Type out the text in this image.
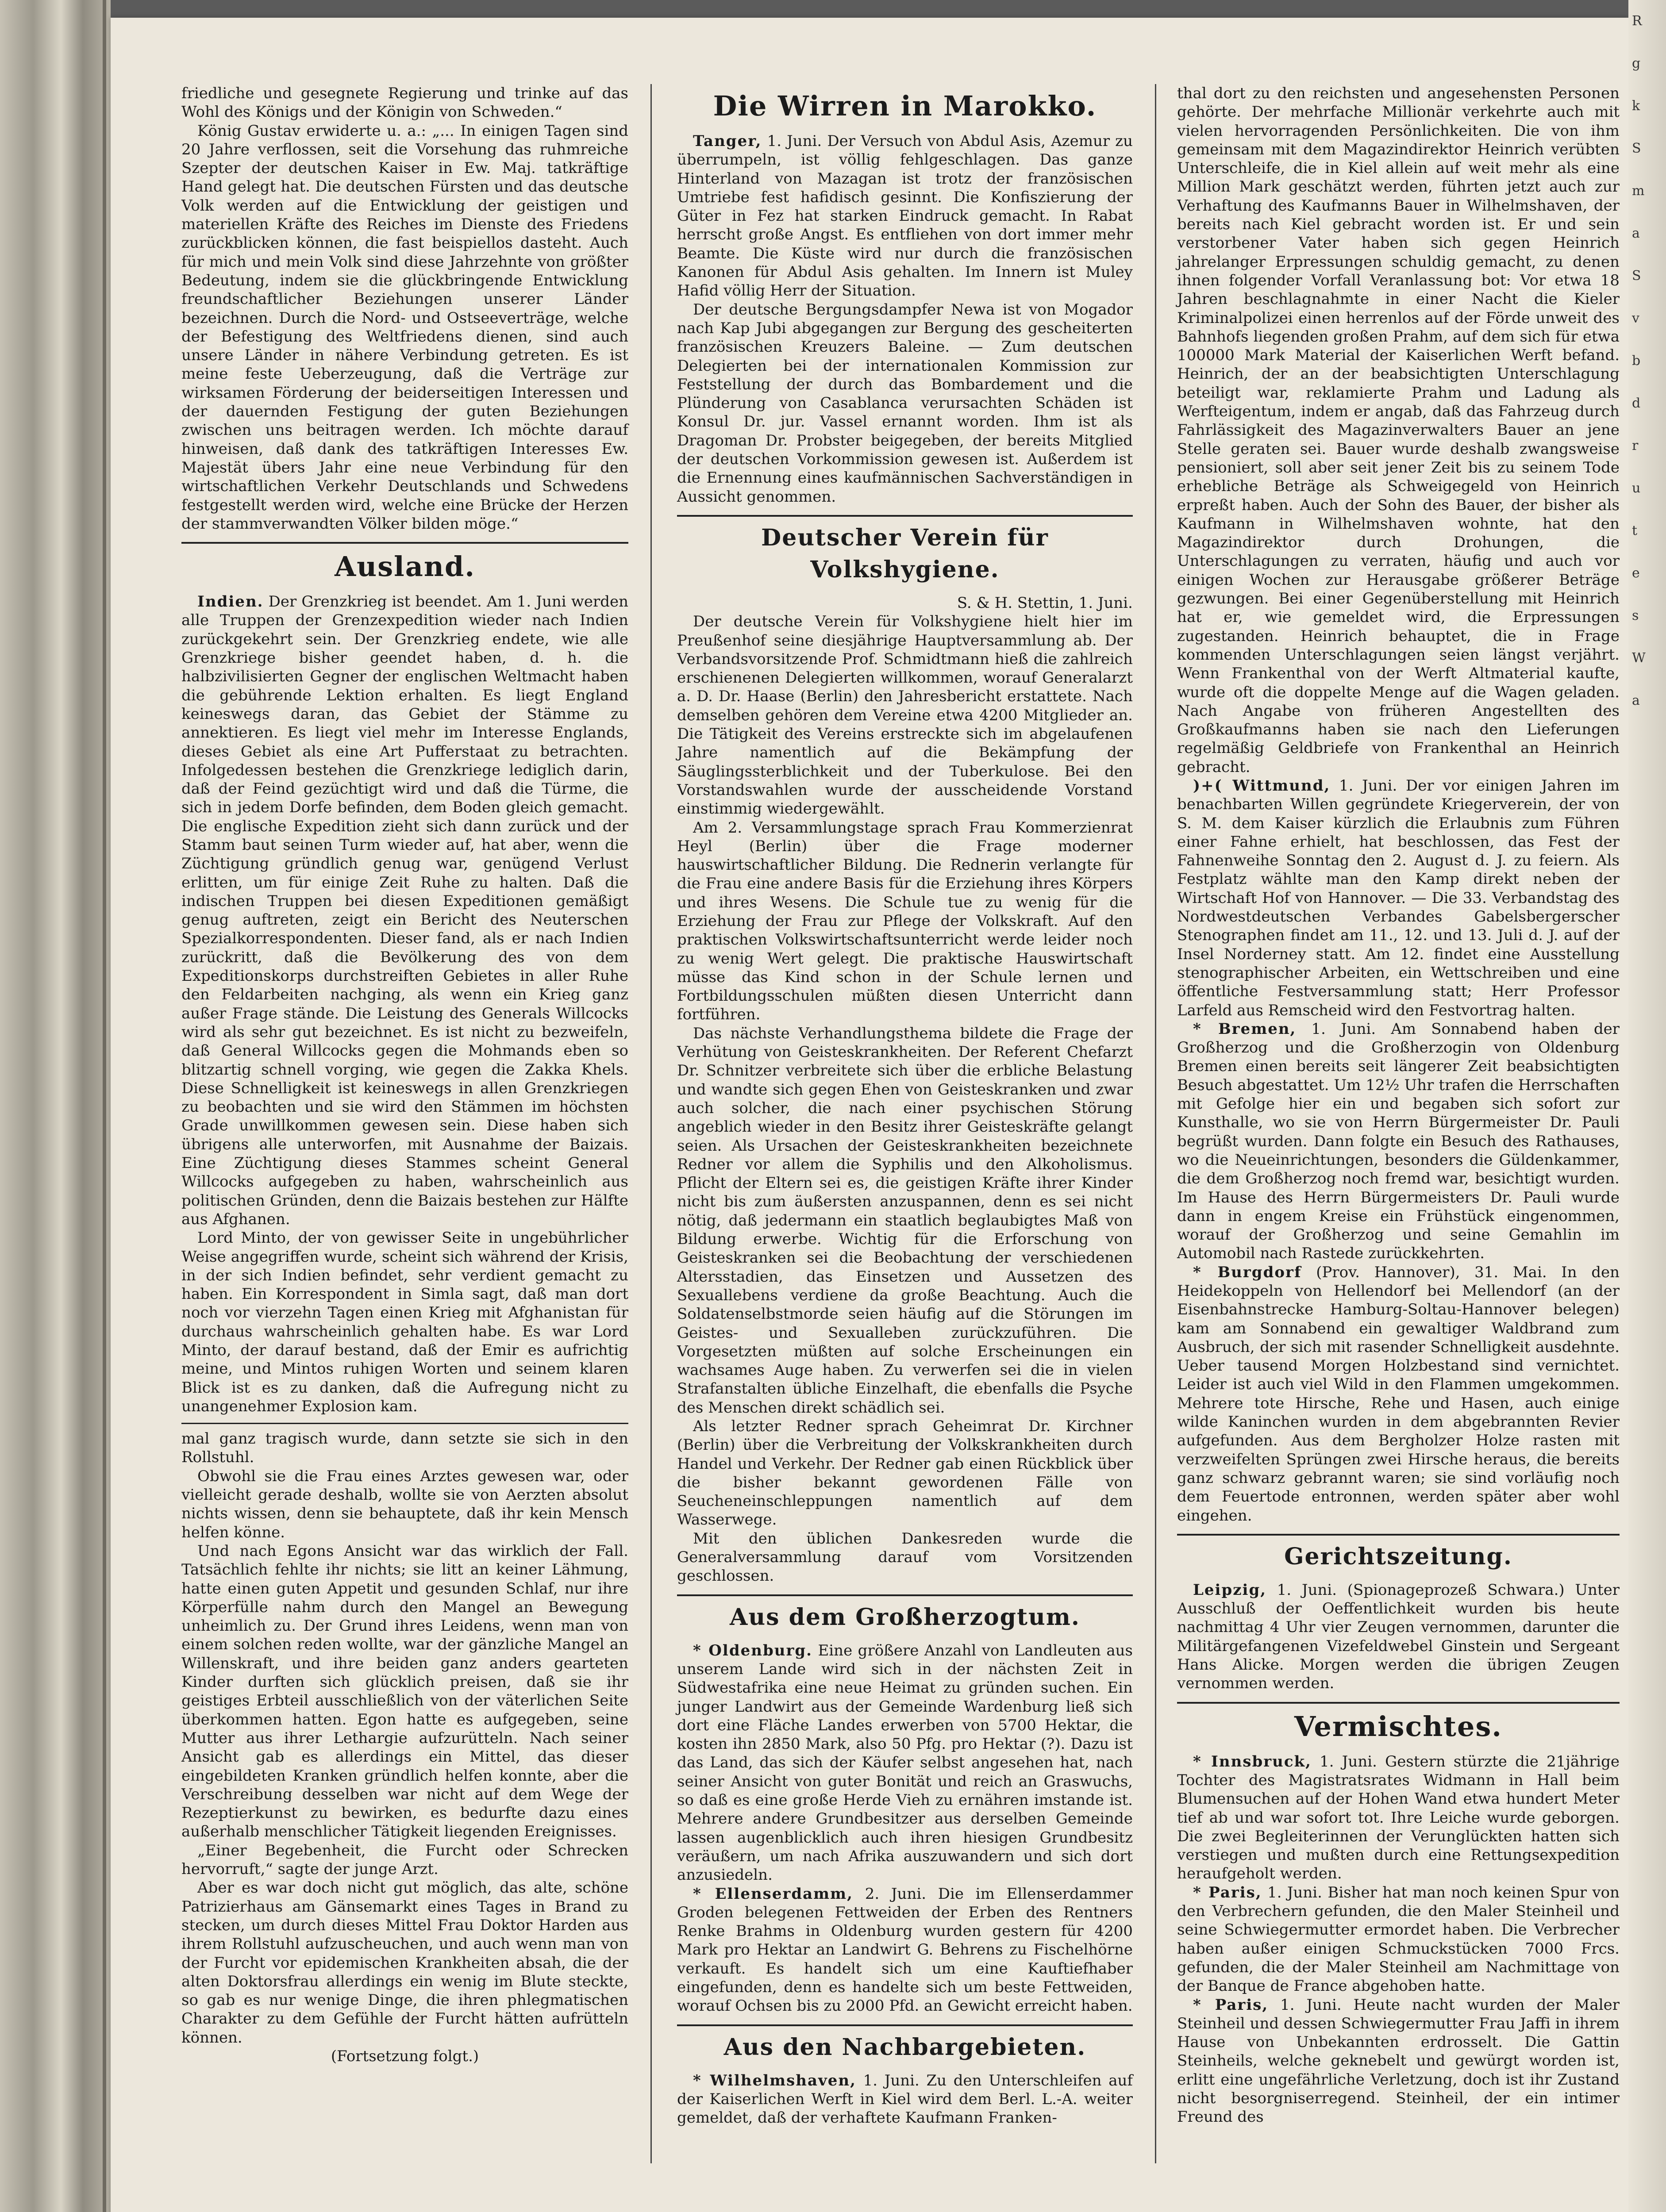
friedliche und gesegnete Regierung und trinke auf das Wohl des Königs und der Königin von Schweden.“

König Gustav erwiderte u. a.: „... In einigen Tagen sind 20 Jahre verflossen, seit die Vorsehung das ruhmreiche Szepter der deutschen Kaiser in Ew. Maj. tatkräftige Hand gelegt hat. Die deutschen Fürsten und das deutsche Volk werden auf die Entwicklung der geistigen und materiellen Kräfte des Reiches im Dienste des Friedens zurückblicken können, die fast beispiellos dasteht. Auch für mich und mein Volk sind diese Jahrzehnte von größter Bedeutung, indem sie die glückbringende Entwicklung freundschaftlicher Beziehungen unserer Länder bezeichnen. Durch die Nord- und Ostseeverträge, welche der Befestigung des Weltfriedens dienen, sind auch unsere Länder in nähere Verbindung getreten. Es ist meine feste Ueberzeugung, daß die Verträge zur wirksamen Förderung der beiderseitigen Interessen und der dauernden Festigung der guten Beziehungen zwischen uns beitragen werden. Ich möchte darauf hinweisen, daß dank des tatkräftigen Interesses Ew. Majestät übers Jahr eine neue Verbindung für den wirtschaftlichen Verkehr Deutschlands und Schwedens festgestellt werden wird, welche eine Brücke der Herzen der stammverwandten Völker bilden möge.“

Ausland.

Indien. Der Grenzkrieg ist beendet. Am 1. Juni werden alle Truppen der Grenzexpedition wieder nach Indien zurückgekehrt sein. Der Grenzkrieg endete, wie alle Grenzkriege bisher geendet haben, d. h. die halbzivilisierten Gegner der englischen Weltmacht haben die gebührende Lektion erhalten. Es liegt England keineswegs daran, das Gebiet der Stämme zu annektieren. Es liegt viel mehr im Interesse Englands, dieses Gebiet als eine Art Pufferstaat zu betrachten. Infolgedessen bestehen die Grenzkriege lediglich darin, daß der Feind gezüchtigt wird und daß die Türme, die sich in jedem Dorfe befinden, dem Boden gleich gemacht. Die englische Expedition zieht sich dann zurück und der Stamm baut seinen Turm wieder auf, hat aber, wenn die Züchtigung gründlich genug war, genügend Verlust erlitten, um für einige Zeit Ruhe zu halten. Daß die indischen Truppen bei diesen Expeditionen gemäßigt genug auftreten, zeigt ein Bericht des Neuterschen Spezialkorrespondenten. Dieser fand, als er nach Indien zurückritt, daß die Bevölkerung des von dem Expeditionskorps durchstreiften Gebietes in aller Ruhe den Feldarbeiten nachging, als wenn ein Krieg ganz außer Frage stände. Die Leistung des Generals Willcocks wird als sehr gut bezeichnet. Es ist nicht zu bezweifeln, daß General Willcocks gegen die Mohmands eben so blitzartig schnell vorging, wie gegen die Zakka Khels. Diese Schnelligkeit ist keineswegs in allen Grenzkriegen zu beobachten und sie wird den Stämmen im höchsten Grade unwillkommen gewesen sein. Diese haben sich übrigens alle unterworfen, mit Ausnahme der Baizais. Eine Züchtigung dieses Stammes scheint General Willcocks aufgegeben zu haben, wahrscheinlich aus politischen Gründen, denn die Baizais bestehen zur Hälfte aus Afghanen.

Lord Minto, der von gewisser Seite in ungebührlicher Weise angegriffen wurde, scheint sich während der Krisis, in der sich Indien befindet, sehr verdient gemacht zu haben. Ein Korrespondent in Simla sagt, daß man dort noch vor vierzehn Tagen einen Krieg mit Afghanistan für durchaus wahrscheinlich gehalten habe. Es war Lord Minto, der darauf bestand, daß der Emir es aufrichtig meine, und Mintos ruhigen Worten und seinem klaren Blick ist es zu danken, daß die Aufregung nicht zu unangenehmer Explosion kam.

mal ganz tragisch wurde, dann setzte sie sich in den Rollstuhl.

Obwohl sie die Frau eines Arztes gewesen war, oder vielleicht gerade deshalb, wollte sie von Aerzten absolut nichts wissen, denn sie behauptete, daß ihr kein Mensch helfen könne.

Und nach Egons Ansicht war das wirklich der Fall. Tatsächlich fehlte ihr nichts; sie litt an keiner Lähmung, hatte einen guten Appetit und gesunden Schlaf, nur ihre Körperfülle nahm durch den Mangel an Bewegung unheimlich zu. Der Grund ihres Leidens, wenn man von einem solchen reden wollte, war der gänzliche Mangel an Willenskraft, und ihre beiden ganz anders gearteten Kinder durften sich glücklich preisen, daß sie ihr geistiges Erbteil ausschließlich von der väterlichen Seite überkommen hatten. Egon hatte es aufgegeben, seine Mutter aus ihrer Lethargie aufzurütteln. Nach seiner Ansicht gab es allerdings ein Mittel, das dieser eingebildeten Kranken gründlich helfen konnte, aber die Verschreibung desselben war nicht auf dem Wege der Rezeptierkunst zu bewirken, es bedurfte dazu eines außerhalb menschlicher Tätigkeit liegenden Ereignisses.

„Einer Begebenheit, die Furcht oder Schrecken hervorruft,“ sagte der junge Arzt.

Aber es war doch nicht gut möglich, das alte, schöne Patrizierhaus am Gänsemarkt eines Tages in Brand zu stecken, um durch dieses Mittel Frau Doktor Harden aus ihrem Rollstuhl aufzuscheuchen, und auch wenn man von der Furcht vor epidemischen Krankheiten absah, die der alten Doktorsfrau allerdings ein wenig im Blute steckte, so gab es nur wenige Dinge, die ihren phlegmatischen Charakter zu dem Gefühle der Furcht hätten aufrütteln können.

(Fortsetzung folgt.)

Die Wirren in Marokko.

Tanger, 1. Juni. Der Versuch von Abdul Asis, Azemur zu überrumpeln, ist völlig fehlgeschlagen. Das ganze Hinterland von Mazagan ist trotz der französischen Umtriebe fest hafidisch gesinnt. Die Konfiszierung der Güter in Fez hat starken Eindruck gemacht. In Rabat herrscht große Angst. Es entfliehen von dort immer mehr Beamte. Die Küste wird nur durch die französischen Kanonen für Abdul Asis gehalten. Im Innern ist Muley Hafid völlig Herr der Situation.

Der deutsche Bergungsdampfer Newa ist von Mogador nach Kap Jubi abgegangen zur Bergung des gescheiterten französischen Kreuzers Baleine. — Zum deutschen Delegierten bei der internationalen Kommission zur Feststellung der durch das Bombardement und die Plünderung von Casablanca verursachten Schäden ist Konsul Dr. jur. Vassel ernannt worden. Ihm ist als Dragoman Dr. Probster beigegeben, der bereits Mitglied der deutschen Vorkommission gewesen ist. Außerdem ist die Ernennung eines kaufmännischen Sachverständigen in Aussicht genommen.

Deutscher Verein für Volkshygiene.

S. & H. Stettin, 1. Juni.

Der deutsche Verein für Volkshygiene hielt hier im Preußenhof seine diesjährige Hauptversammlung ab. Der Verbandsvorsitzende Prof. Schmidtmann hieß die zahlreich erschienenen Delegierten willkommen, worauf Generalarzt a. D. Dr. Haase (Berlin) den Jahresbericht erstattete. Nach demselben gehören dem Vereine etwa 4200 Mitglieder an. Die Tätigkeit des Vereins erstreckte sich im abgelaufenen Jahre namentlich auf die Bekämpfung der Säuglingssterblichkeit und der Tuberkulose. Bei den Vorstandswahlen wurde der ausscheidende Vorstand einstimmig wiedergewählt.

Am 2. Versammlungstage sprach Frau Kommerzienrat Heyl (Berlin) über die Frage moderner hauswirtschaftlicher Bildung. Die Rednerin verlangte für die Frau eine andere Basis für die Erziehung ihres Körpers und ihres Wesens. Die Schule tue zu wenig für die Erziehung der Frau zur Pflege der Volkskraft. Auf den praktischen Volkswirtschaftsunterricht werde leider noch zu wenig Wert gelegt. Die praktische Hauswirtschaft müsse das Kind schon in der Schule lernen und Fortbildungsschulen müßten diesen Unterricht dann fortführen.

Das nächste Verhandlungsthema bildete die Frage der Verhütung von Geisteskrankheiten. Der Referent Chefarzt Dr. Schnitzer verbreitete sich über die erbliche Belastung und wandte sich gegen Ehen von Geisteskranken und zwar auch solcher, die nach einer psychischen Störung angeblich wieder in den Besitz ihrer Geisteskräfte gelangt seien. Als Ursachen der Geisteskrankheiten bezeichnete Redner vor allem die Syphilis und den Alkoholismus. Pflicht der Eltern sei es, die geistigen Kräfte ihrer Kinder nicht bis zum äußersten anzuspannen, denn es sei nicht nötig, daß jedermann ein staatlich beglaubigtes Maß von Bildung erwerbe. Wichtig für die Erforschung von Geisteskranken sei die Beobachtung der verschiedenen Altersstadien, das Einsetzen und Aussetzen des Sexuallebens verdiene da große Beachtung. Auch die Soldatenselbstmorde seien häufig auf die Störungen im Geistes- und Sexualleben zurückzuführen. Die Vorgesetzten müßten auf solche Erscheinungen ein wachsames Auge haben. Zu verwerfen sei die in vielen Strafanstalten übliche Einzelhaft, die ebenfalls die Psyche des Menschen direkt schädlich sei.

Als letzter Redner sprach Geheimrat Dr. Kirchner (Berlin) über die Verbreitung der Volkskrankheiten durch Handel und Verkehr. Der Redner gab einen Rückblick über die bisher bekannt gewordenen Fälle von Seucheneinschleppungen namentlich auf dem Wasserwege.

Mit den üblichen Dankesreden wurde die Generalversammlung darauf vom Vorsitzenden geschlossen.

Aus dem Großherzogtum.

* Oldenburg. Eine größere Anzahl von Landleuten aus unserem Lande wird sich in der nächsten Zeit in Südwestafrika eine neue Heimat zu gründen suchen. Ein junger Landwirt aus der Gemeinde Wardenburg ließ sich dort eine Fläche Landes erwerben von 5700 Hektar, die kosten ihn 2850 Mark, also 50 Pfg. pro Hektar (?). Dazu ist das Land, das sich der Käufer selbst angesehen hat, nach seiner Ansicht von guter Bonität und reich an Graswuchs, so daß es eine große Herde Vieh zu ernähren imstande ist. Mehrere andere Grundbesitzer aus derselben Gemeinde lassen augenblicklich auch ihren hiesigen Grundbesitz veräußern, um nach Afrika auszuwandern und sich dort anzusiedeln.

* Ellenserdamm, 2. Juni. Die im Ellenserdammer Groden belegenen Fettweiden der Erben des Rentners Renke Brahms in Oldenburg wurden gestern für 4200 Mark pro Hektar an Landwirt G. Behrens zu Fischelhörne verkauft. Es handelt sich um eine Kauftiefhaber eingefunden, denn es handelte sich um beste Fettweiden, worauf Ochsen bis zu 2000 Pfd. an Gewicht erreicht haben.

Aus den Nachbargebieten.

* Wilhelmshaven, 1. Juni. Zu den Unterschleifen auf der Kaiserlichen Werft in Kiel wird dem Berl. L.-A. weiter gemeldet, daß der verhaftete Kaufmann Franken-

thal dort zu den reichsten und angesehensten Personen gehörte. Der mehrfache Millionär verkehrte auch mit vielen hervorragenden Persönlichkeiten. Die von ihm gemeinsam mit dem Magazindirektor Heinrich verübten Unterschleife, die in Kiel allein auf weit mehr als eine Million Mark geschätzt werden, führten jetzt auch zur Verhaftung des Kaufmanns Bauer in Wilhelmshaven, der bereits nach Kiel gebracht worden ist. Er und sein verstorbener Vater haben sich gegen Heinrich jahrelanger Erpressungen schuldig gemacht, zu denen ihnen folgender Vorfall Veranlassung bot: Vor etwa 18 Jahren beschlagnahmte in einer Nacht die Kieler Kriminalpolizei einen herrenlos auf der Förde unweit des Bahnhofs liegenden großen Prahm, auf dem sich für etwa 100000 Mark Material der Kaiserlichen Werft befand. Heinrich, der an der beabsichtigten Unterschlagung beteiligt war, reklamierte Prahm und Ladung als Werfteigentum, indem er angab, daß das Fahrzeug durch Fahrlässigkeit des Magazinverwalters Bauer an jene Stelle geraten sei. Bauer wurde deshalb zwangsweise pensioniert, soll aber seit jener Zeit bis zu seinem Tode erhebliche Beträge als Schweigegeld von Heinrich erpreßt haben. Auch der Sohn des Bauer, der bisher als Kaufmann in Wilhelmshaven wohnte, hat den Magazindirektor durch Drohungen, die Unterschlagungen zu verraten, häufig und auch vor einigen Wochen zur Herausgabe größerer Beträge gezwungen. Bei einer Gegenüberstellung mit Heinrich hat er, wie gemeldet wird, die Erpressungen zugestanden. Heinrich behauptet, die in Frage kommenden Unterschlagungen seien längst verjährt. Wenn Frankenthal von der Werft Altmaterial kaufte, wurde oft die doppelte Menge auf die Wagen geladen. Nach Angabe von früheren Angestellten des Großkaufmanns haben sie nach den Lieferungen regelmäßig Geldbriefe von Frankenthal an Heinrich gebracht.

)+( Wittmund, 1. Juni. Der vor einigen Jahren im benachbarten Willen gegründete Kriegerverein, der von S. M. dem Kaiser kürzlich die Erlaubnis zum Führen einer Fahne erhielt, hat beschlossen, das Fest der Fahnenweihe Sonntag den 2. August d. J. zu feiern. Als Festplatz wählte man den Kamp direkt neben der Wirtschaft Hof von Hannover. — Die 33. Verbandstag des Nordwestdeutschen Verbandes Gabelsbergerscher Stenographen findet am 11., 12. und 13. Juli d. J. auf der Insel Norderney statt. Am 12. findet eine Ausstellung stenographischer Arbeiten, ein Wettschreiben und eine öffentliche Festversammlung statt; Herr Professor Larfeld aus Remscheid wird den Festvortrag halten.

* Bremen, 1. Juni. Am Sonnabend haben der Großherzog und die Großherzogin von Oldenburg Bremen einen bereits seit längerer Zeit beabsichtigten Besuch abgestattet. Um 12½ Uhr trafen die Herrschaften mit Gefolge hier ein und begaben sich sofort zur Kunsthalle, wo sie von Herrn Bürgermeister Dr. Pauli begrüßt wurden. Dann folgte ein Besuch des Rathauses, wo die Neueinrichtungen, besonders die Güldenkammer, die dem Großherzog noch fremd war, besichtigt wurden. Im Hause des Herrn Bürgermeisters Dr. Pauli wurde dann in engem Kreise ein Frühstück eingenommen, worauf der Großherzog und seine Gemahlin im Automobil nach Rastede zurückkehrten.

* Burgdorf (Prov. Hannover), 31. Mai. In den Heidekoppeln von Hellendorf bei Mellendorf (an der Eisenbahnstrecke Hamburg-Soltau-Hannover belegen) kam am Sonnabend ein gewaltiger Waldbrand zum Ausbruch, der sich mit rasender Schnelligkeit ausdehnte. Ueber tausend Morgen Holzbestand sind vernichtet. Leider ist auch viel Wild in den Flammen umgekommen. Mehrere tote Hirsche, Rehe und Hasen, auch einige wilde Kaninchen wurden in dem abgebrannten Revier aufgefunden. Aus dem Bergholzer Holze rasten mit verzweifelten Sprüngen zwei Hirsche heraus, die bereits ganz schwarz gebrannt waren; sie sind vorläufig noch dem Feuertode entronnen, werden später aber wohl eingehen.

Gerichtszeitung.

Leipzig, 1. Juni. (Spionageprozeß Schwara.) Unter Ausschluß der Oeffentlichkeit wurden bis heute nachmittag 4 Uhr vier Zeugen vernommen, darunter die Militärgefangenen Vizefeldwebel Ginstein und Sergeant Hans Alicke. Morgen werden die übrigen Zeugen vernommen werden.

Vermischtes.

* Innsbruck, 1. Juni. Gestern stürzte die 21jährige Tochter des Magistratsrates Widmann in Hall beim Blumensuchen auf der Hohen Wand etwa hundert Meter tief ab und war sofort tot. Ihre Leiche wurde geborgen. Die zwei Begleiterinnen der Verunglückten hatten sich verstiegen und mußten durch eine Rettungsexpedition heraufgeholt werden.

* Paris, 1. Juni. Bisher hat man noch keinen Spur von den Verbrechern gefunden, die den Maler Steinheil und seine Schwiegermutter ermordet haben. Die Verbrecher haben außer einigen Schmuckstücken 7000 Frcs. gefunden, die der Maler Steinheil am Nachmittage von der Banque de France abgehoben hatte.

* Paris, 1. Juni. Heute nacht wurden der Maler Steinheil und dessen Schwiegermutter Frau Jaffi in ihrem Hause von Unbekannten erdrosselt. Die Gattin Steinheils, welche geknebelt und gewürgt worden ist, erlitt eine ungefährliche Verletzung, doch ist ihr Zustand nicht besorgniserregend. Steinheil, der ein intimer Freund des

R
g
k
S
m
a
S
v
b
d
r
u
t
e
s
W
a
